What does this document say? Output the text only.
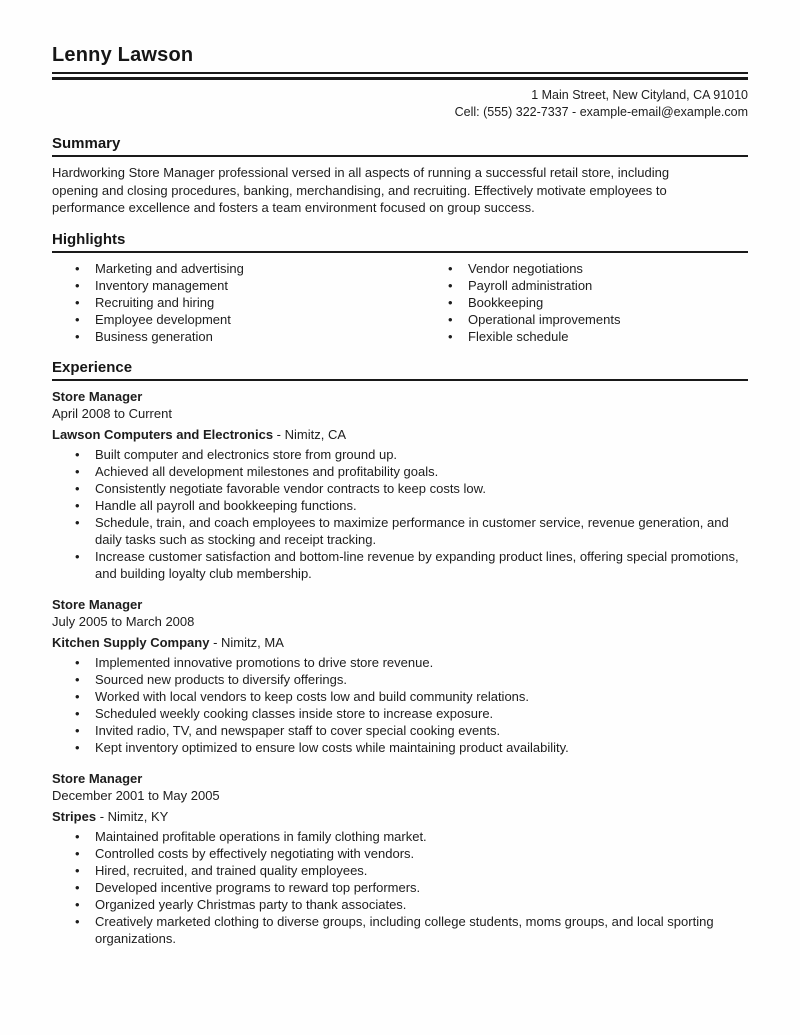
Lenny Lawson
1 Main Street, New Cityland, CA 91010
Cell: (555) 322-7337 - example-email@example.com
Summary

Hardworking Store Manager professional versed in all aspects of running a successful retail store, including opening and closing procedures, banking, merchandising, and recruiting. Effectively motivate employees to performance excellence and fosters a team environment focused on group success.

Highlights
• Marketing and advertising
• Inventory management
• Recruiting and hiring
• Employee development
• Business generation
• Vendor negotiations
• Payroll administration
• Bookkeeping
• Operational improvements
• Flexible schedule
Experience
Store Manager
April 2008 to Current
Lawson Computers and Electronics - Nimitz, CA
• Built computer and electronics store from ground up.
• Achieved all development milestones and profitability goals.
• Consistently negotiate favorable vendor contracts to keep costs low.
• Handle all payroll and bookkeeping functions.
• Schedule, train, and coach employees to maximize performance in customer service, revenue generation, and daily tasks such as stocking and receipt tracking.
• Increase customer satisfaction and bottom-line revenue by expanding product lines, offering special promotions, and building loyalty club membership.
Store Manager
July 2005 to March 2008
Kitchen Supply Company - Nimitz, MA
• Implemented innovative promotions to drive store revenue.
• Sourced new products to diversify offerings.
• Worked with local vendors to keep costs low and build community relations.
• Scheduled weekly cooking classes inside store to increase exposure.
• Invited radio, TV, and newspaper staff to cover special cooking events.
• Kept inventory optimized to ensure low costs while maintaining product availability.
Store Manager
December 2001 to May 2005
Stripes - Nimitz, KY
• Maintained profitable operations in family clothing market.
• Controlled costs by effectively negotiating with vendors.
• Hired, recruited, and trained quality employees.
• Developed incentive programs to reward top performers.
• Organized yearly Christmas party to thank associates.
• Creatively marketed clothing to diverse groups, including college students, moms groups, and local sporting organizations.
